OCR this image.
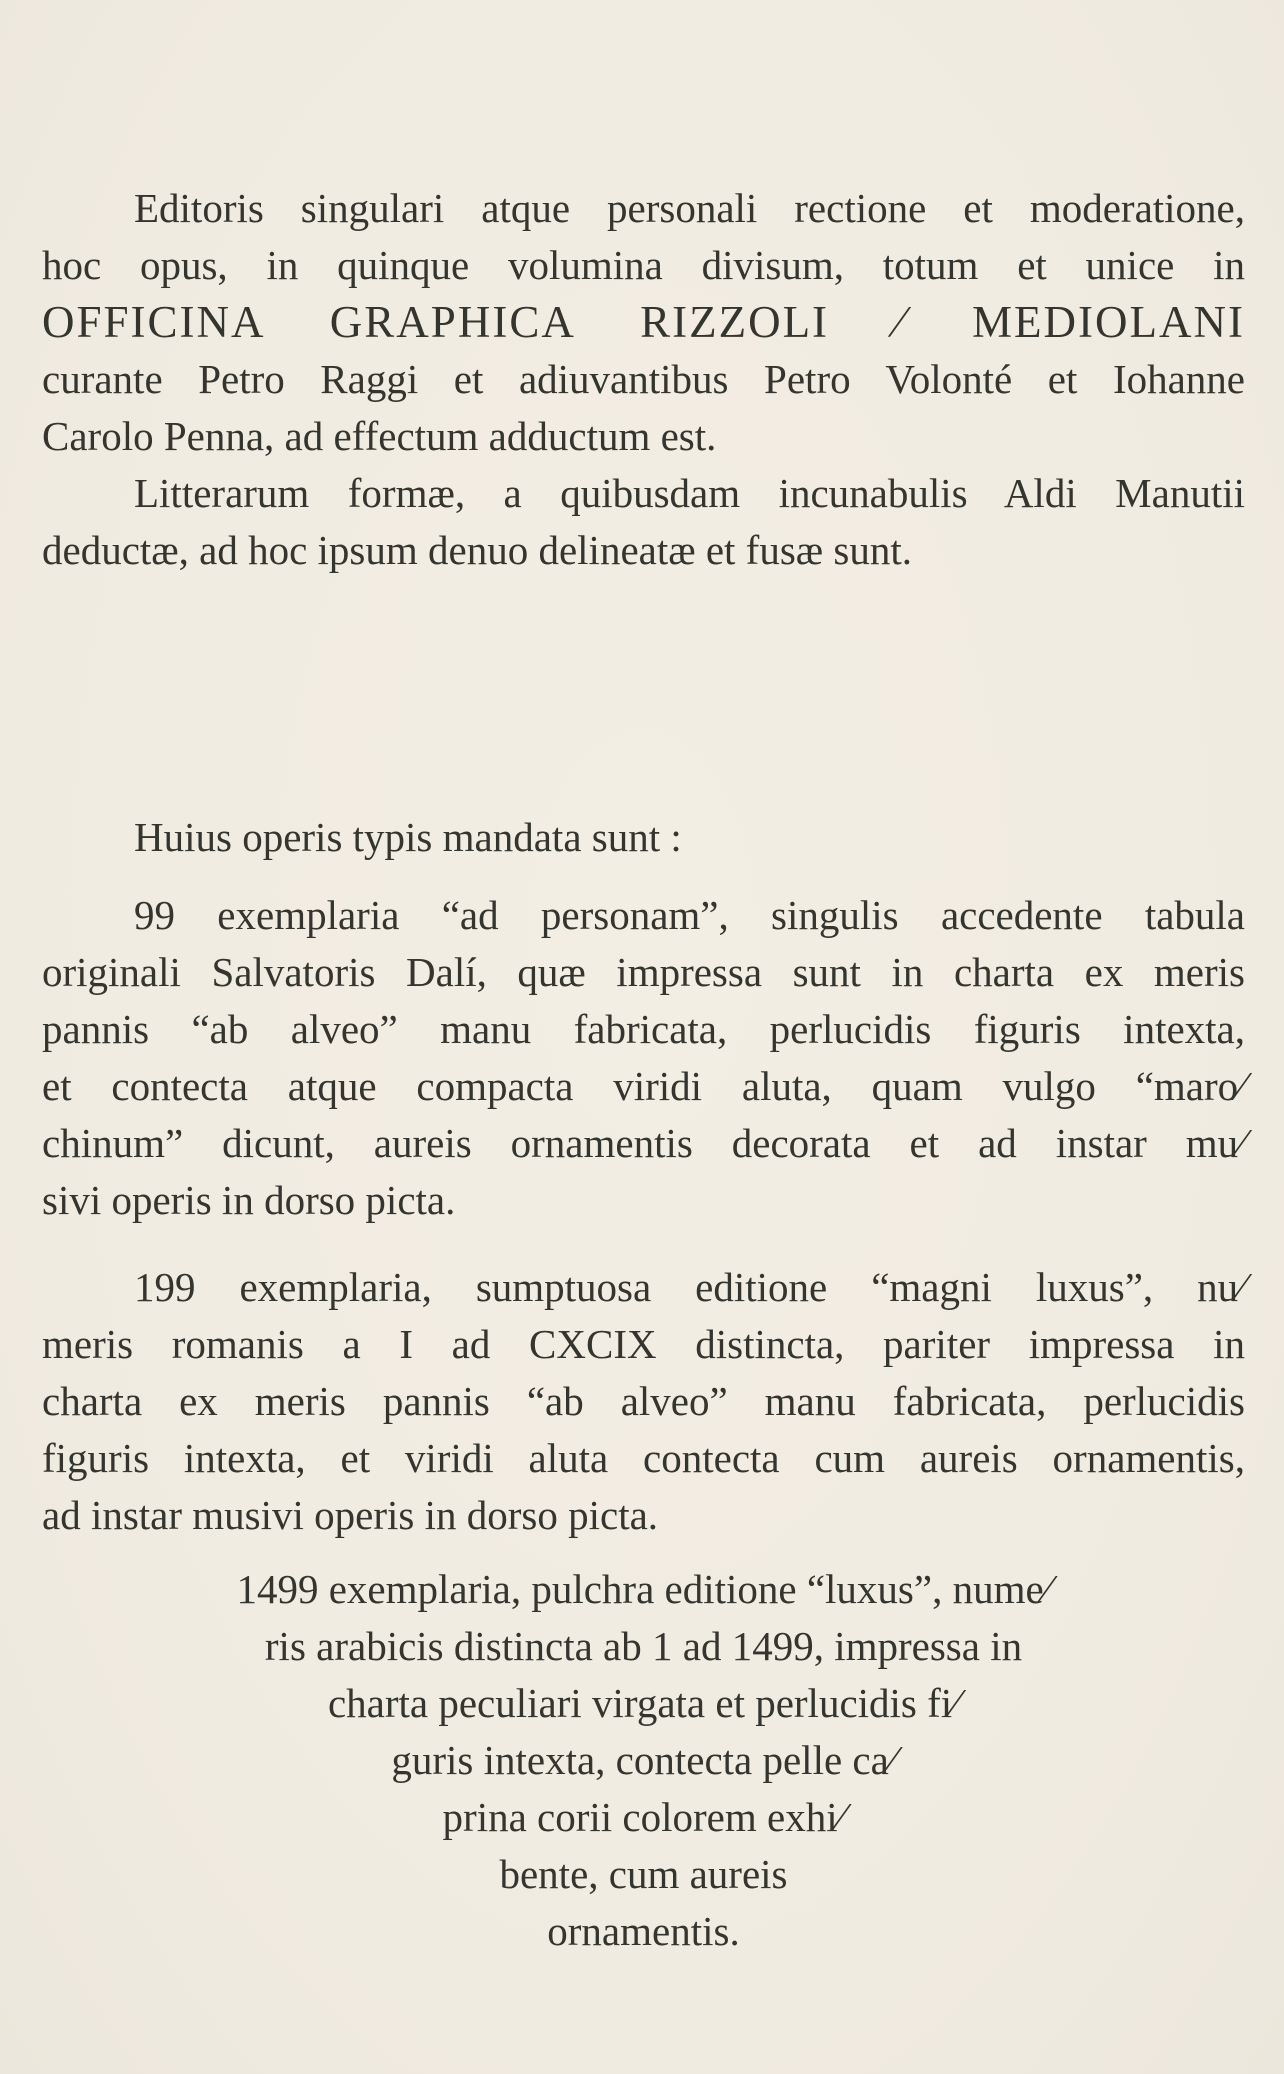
Editoris singulari atque personali rectione et moderatione,
hoc opus, in quinque volumina divisum, totum et unice in
OFFICINA GRAPHICA RIZZOLI ⁄ MEDIOLANI
curante Petro Raggi et adiuvantibus Petro Volonté et Iohanne
Carolo Penna, ad effectum adductum est.
Litterarum formæ, a quibusdam incunabulis Aldi Manutii
deductæ, ad hoc ipsum denuo delineatæ et fusæ sunt.
Huius operis typis mandata sunt :
99 exemplaria “ad personam”, singulis accedente tabula
originali Salvatoris Dalí, quæ impressa sunt in charta ex meris
pannis “ab alveo” manu fabricata, perlucidis figuris intexta,
et contecta atque compacta viridi aluta, quam vulgo “maro⁄
chinum” dicunt, aureis ornamentis decorata et ad instar mu⁄
sivi operis in dorso picta.
199 exemplaria, sumptuosa editione “magni luxus”, nu⁄
meris romanis a I ad CXCIX distincta, pariter impressa in
charta ex meris pannis “ab alveo” manu fabricata, perlucidis
figuris intexta, et viridi aluta contecta cum aureis ornamentis,
ad instar musivi operis in dorso picta.
1499 exemplaria, pulchra editione “luxus”, nume⁄
ris arabicis distincta ab 1 ad 1499, impressa in
charta peculiari virgata et perlucidis fi⁄
guris intexta, contecta pelle ca⁄
prina corii colorem exhi⁄
bente, cum aureis
ornamentis.
